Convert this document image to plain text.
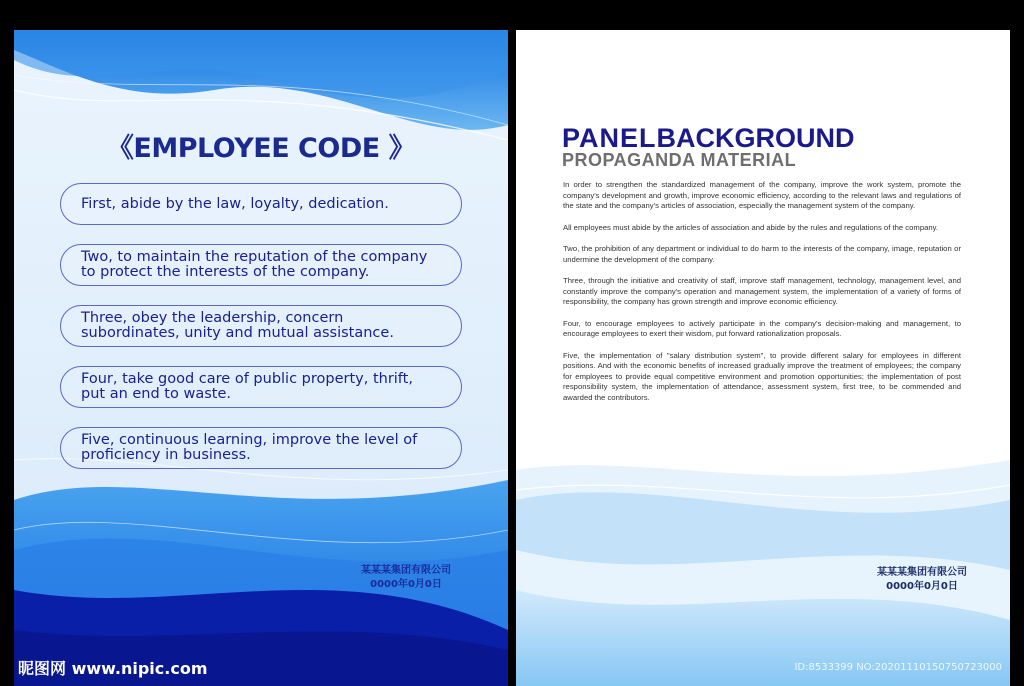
《EMPLOYEE CODE 》
First, abide by the law, loyalty, dedication.
Two, to maintain the reputation of the company to protect the interests of the company.
Three, obey the leadership, concern subordinates, unity and mutual assistance.
Four, take good care of public property, thrift, put an end to waste.
Five, continuous learning, improve the level of proficiency in business.
某某某集团有限公司
0000年0月0日
PANELBACKGROUND
PROPAGANDA MATERIAL

In order to strengthen the standardized management of the company, improve the work system, promote the company's development and growth, improve economic efficiency, according to the relevant laws and regulations of the state and the company's articles of association, especially the management system of the company.

All employees must abide by the articles of association and abide by the rules and regulations of the company.

Two, the prohibition of any department or individual to do harm to the interests of the company, image, reputation or undermine the development of the company.

Three, through the initiative and creativity of staff, improve staff management, technology, management level, and constantly improve the company's operation and management system, the implementation of a variety of forms of responsibility, the company has grown strength and improve economic efficiency.

Four, to encourage employees to actively participate in the company's decision-making and management, to encourage employees to exert their wisdom, put forward rationalization proposals.

Five, the implementation of "salary distribution system", to provide different salary for employees in different positions. And with the economic benefits of increased gradually improve the treatment of employees; the company for employees to provide equal competitive environment and promotion opportunities; the implementation of post responsibility system, the implementation of attendance, assessment system, first tree, to be commended and awarded the contributors.

某某某集团有限公司
0000年0月0日
昵图网 www.nipic.com	ID:8533399 NO:20201110150750723000
